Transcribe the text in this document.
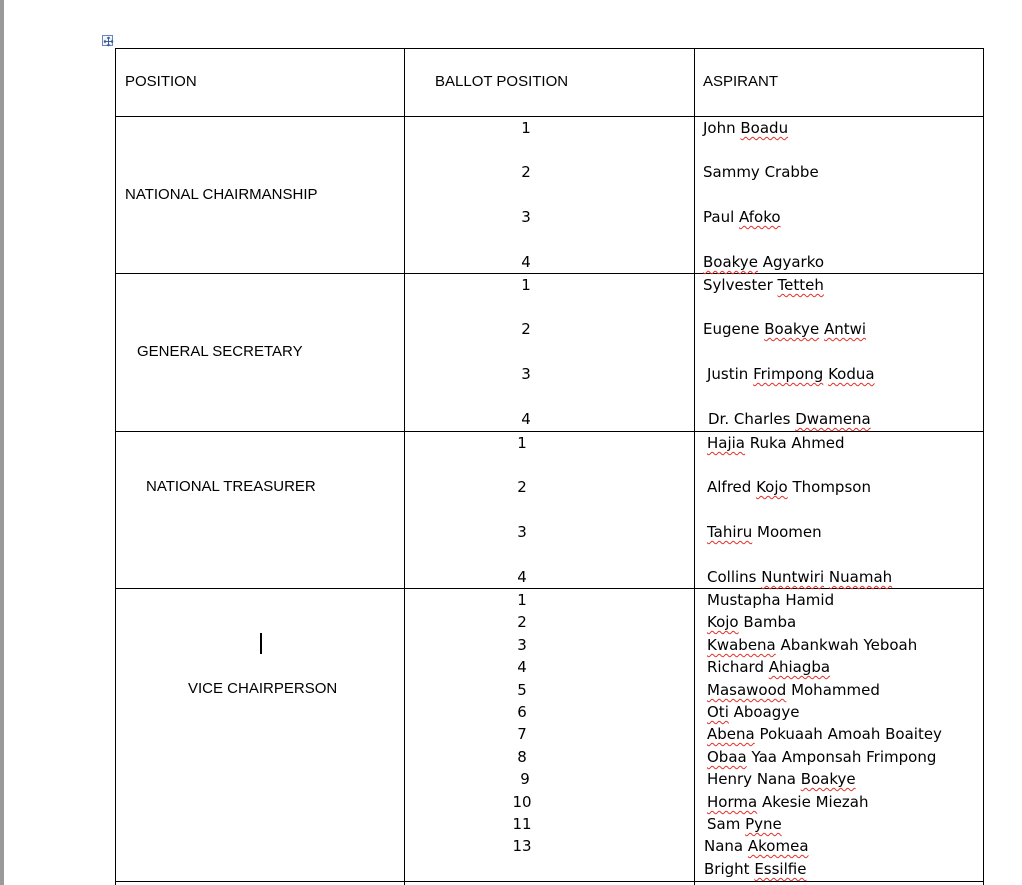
POSITION	BALLOT POSITION	ASPIRANT
NATIONAL CHAIRMANSHIP
1	John Boadu
2	Sammy Crabbe
3	Paul Afoko
4	Boakye Agyarko
GENERAL SECRETARY
1	Sylvester Tetteh
2	Eugene Boakye Antwi
3	Justin Frimpong Kodua
4	Dr. Charles Dwamena
NATIONAL TREASURER
1	Hajia Ruka Ahmed
2	Alfred Kojo Thompson
3	Tahiru Moomen
4	Collins Nuntwiri Nuamah
VICE CHAIRPERSON
1	Mustapha Hamid
2	Kojo Bamba
3	Kwabena Abankwah Yeboah
4	Richard Ahiagba
5	Masawood Mohammed
6	Oti Aboagye
7	Abena Pokuaah Amoah Boaitey
8	Obaa Yaa Amponsah Frimpong
9	Henry Nana Boakye
10	Horma Akesie Miezah
11	Sam Pyne
13	Nana Akomea
Bright Essilfie
